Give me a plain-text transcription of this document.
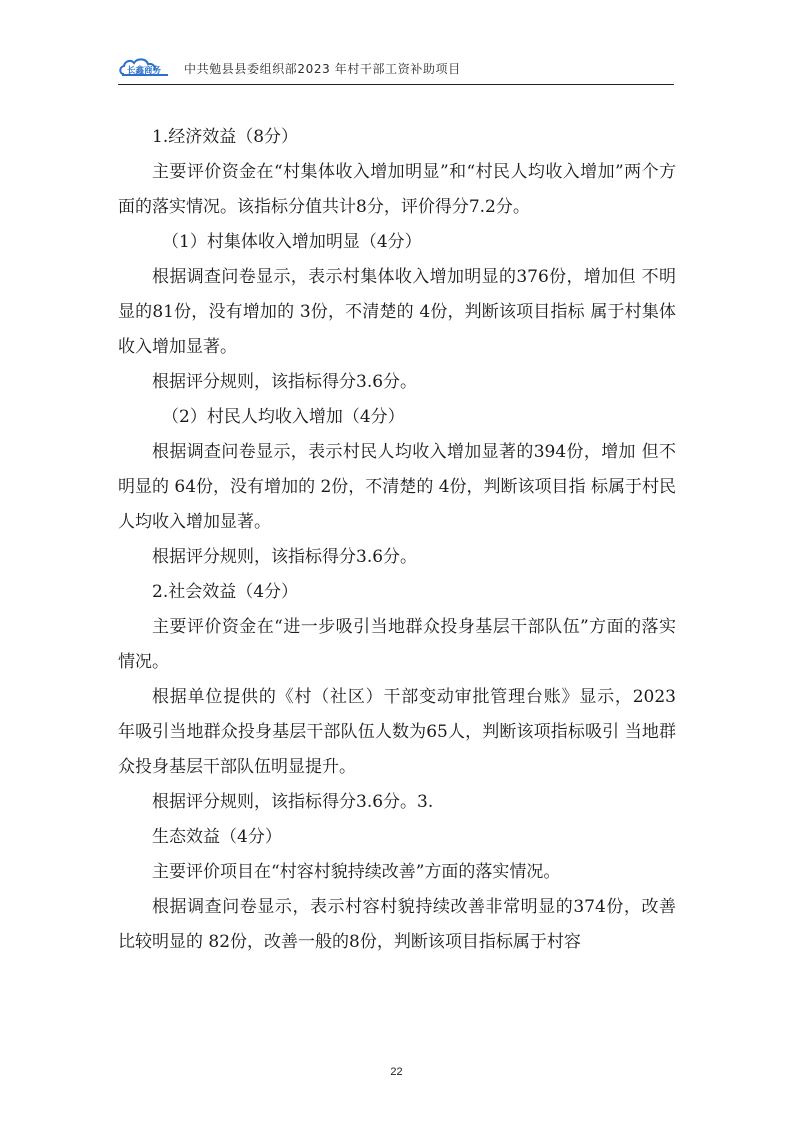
长鑫商务 中共勉县县委组织部2023 年村干部工资补助项目

1.经济效益（8分）

主要评价资金在“村集体收入增加明显”和“村民人均收入增加”两个方面的落实情况。该指标分值共计8分，评价得分7.2分。

（1）村集体收入增加明显（4分）

根据调查问卷显示，表示村集体收入增加明显的376份，增加但 不明显的81份，没有增加的 3份，不清楚的 4份，判断该项目指标 属于村集体收入增加显著。

根据评分规则，该指标得分3.6分。

（2）村民人均收入增加（4分）

根据调查问卷显示，表示村民人均收入增加显著的394份，增加 但不明显的 64份，没有增加的 2份，不清楚的 4份，判断该项目指 标属于村民人均收入增加显著。

根据评分规则，该指标得分3.6分。

2.社会效益（4分）

主要评价资金在“进一步吸引当地群众投身基层干部队伍”方面的落实情况。

根据单位提供的《村（社区）干部变动审批管理台账》显示，2023 年吸引当地群众投身基层干部队伍人数为65人，判断该项指标吸引 当地群众投身基层干部队伍明显提升。

根据评分规则，该指标得分3.6分。3.

生态效益（4分）

主要评价项目在“村容村貌持续改善”方面的落实情况。

根据调查问卷显示，表示村容村貌持续改善非常明显的374份，改善比较明显的 82份，改善一般的8份，判断该项目指标属于村容

22
